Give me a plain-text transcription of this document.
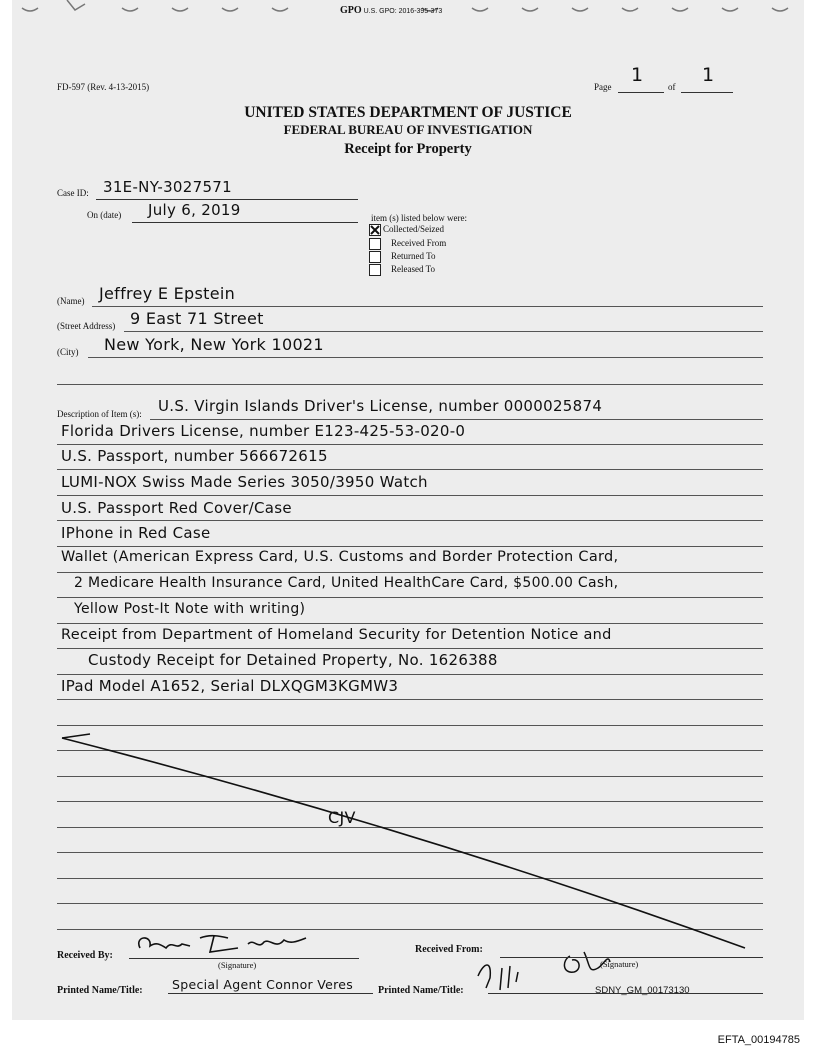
GPO U.S. GPO: 2016-395-373
FD-597 (Rev. 4-13-2015)	Page
1
of
1
UNITED STATES DEPARTMENT OF JUSTICE
FEDERAL BUREAU OF INVESTIGATION
Receipt for Property
Case ID: 31E-NY-3027571
On (date) July 6, 2019	item (s) listed below were:
Collected/Seized
Received From
Returned To
Released To
(Name) Jeffrey E Epstein
(Street Address) 9 East 71 Street
(City) New York, New York 10021
Description of Item (s): U.S. Virgin Islands Driver's License, number 0000025874
Florida Drivers License, number E123-425-53-020-0
U.S. Passport, number 566672615
LUMI-NOX Swiss Made Series 3050/3950 Watch
U.S. Passport Red Cover/Case
IPhone in Red Case
Wallet (American Express Card, U.S. Customs and Border Protection Card,
2 Medicare Health Insurance Card, United HealthCare Card, $500.00 Cash,
Yellow Post-It Note with writing)
Receipt from Department of Homeland Security for Detention Notice and
Custody Receipt for Detained Property, No. 1626388
IPad Model A1652, Serial DLXQGM3KGMW3
CJV
Received By:
(Signature)
Received From:
(Signature)
Printed Name/Title: Special Agent Connor Veres Printed Name/Title:	SDNY_GM_00173130
EFTA_00194785
